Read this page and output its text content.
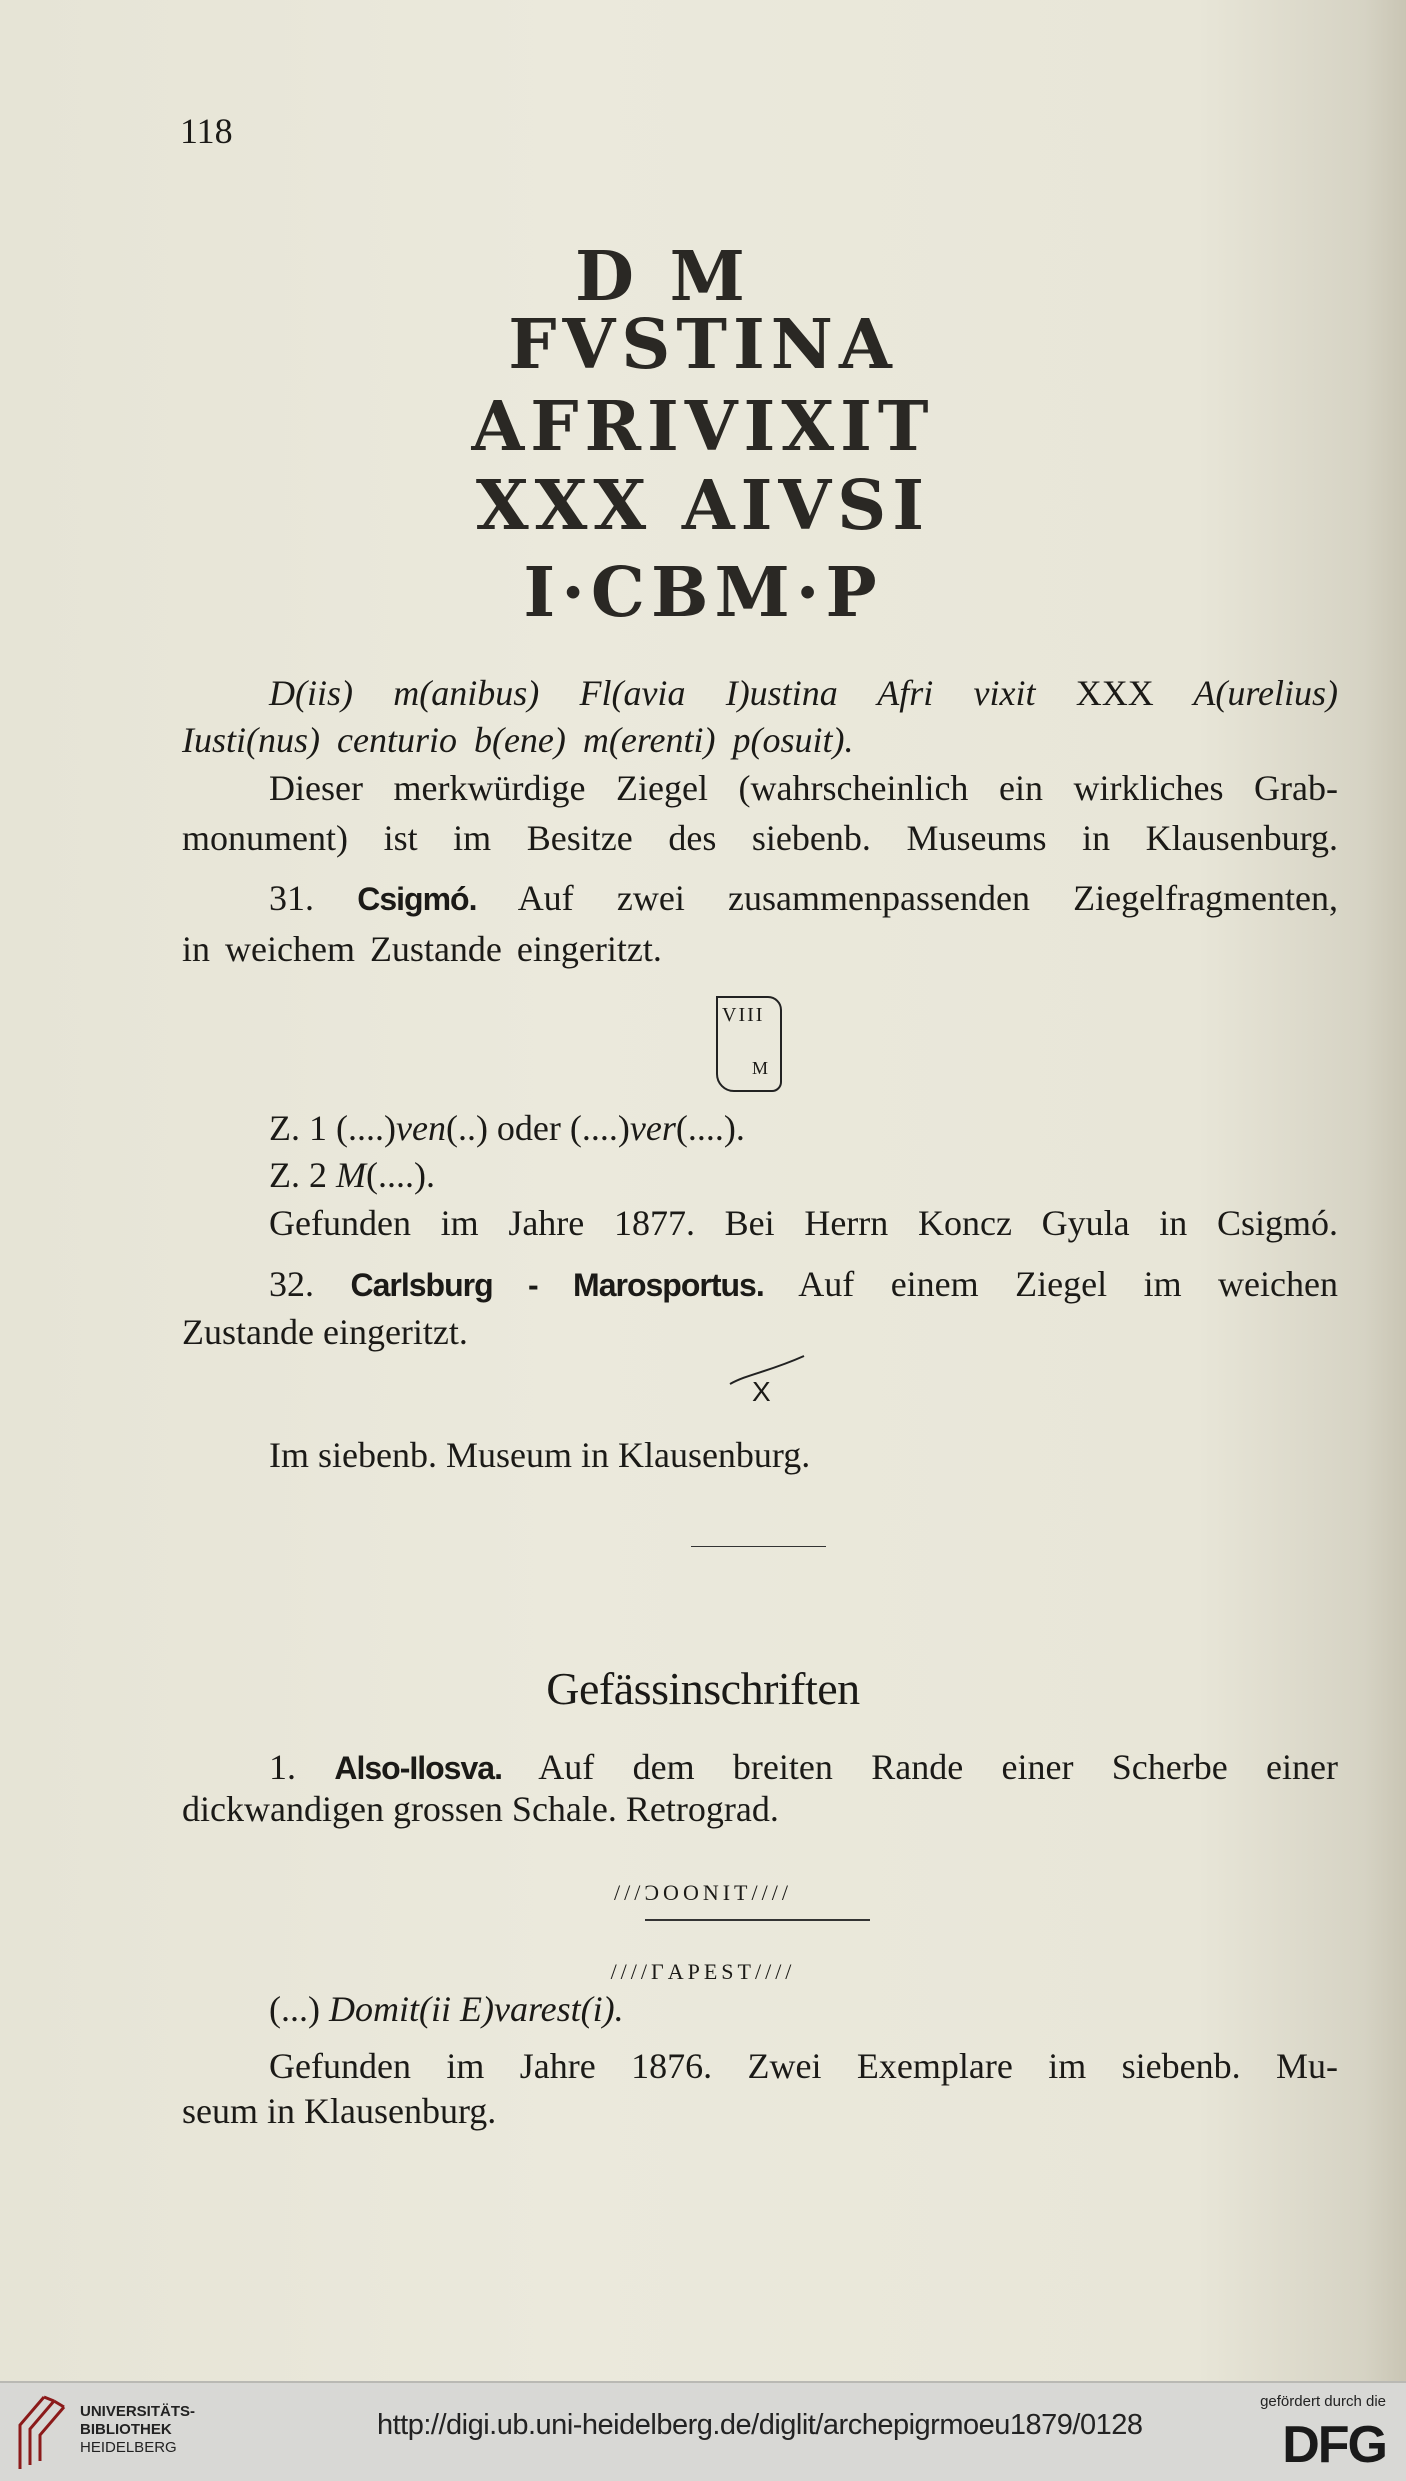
118
D M
FVSTINA
AFRIVIXIT
XXX AIVSI
I·CBM·P
D(iis) m(anibus) Fl(avia I)ustina Afri vixit XXX A(urelius)
Iusti(nus) centurio b(ene) m(erenti) p(osuit).
Dieser merkwürdige Ziegel (wahrscheinlich ein wirkliches Grab-
monument) ist im Besitze des siebenb. Museums in Klausenburg.
31. Csigmó. Auf zwei zusammenpassenden Ziegelfragmenten,
in weichem Zustande eingeritzt.
VIII
M
Z. 1 (....)ven(..) oder (....)ver(....).
Z. 2 M(....).
Gefunden im Jahre 1877. Bei Herrn Koncz Gyula in Csigmó.
32. Carlsburg - Marosportus. Auf einem Ziegel im weichen
Zustande eingeritzt.
X
Im siebenb. Museum in Klausenburg.
Gefässinschriften
1. Also-Ilosva. Auf dem breiten Rande einer Scherbe einer
dickwandigen grossen Schale. Retrograd.
///ƆOONIT////
////ΓAPEST////
(...) Domit(ii E)varest(i).
Gefunden im Jahre 1876. Zwei Exemplare im siebenb. Mu-
seum in Klausenburg.
UNIVERSITÄTS-
BIBLIOTHEK
HEIDELBERG
http://digi.ub.uni-heidelberg.de/diglit/archepigrmoeu1879/0128
gefördert durch die
DFG
